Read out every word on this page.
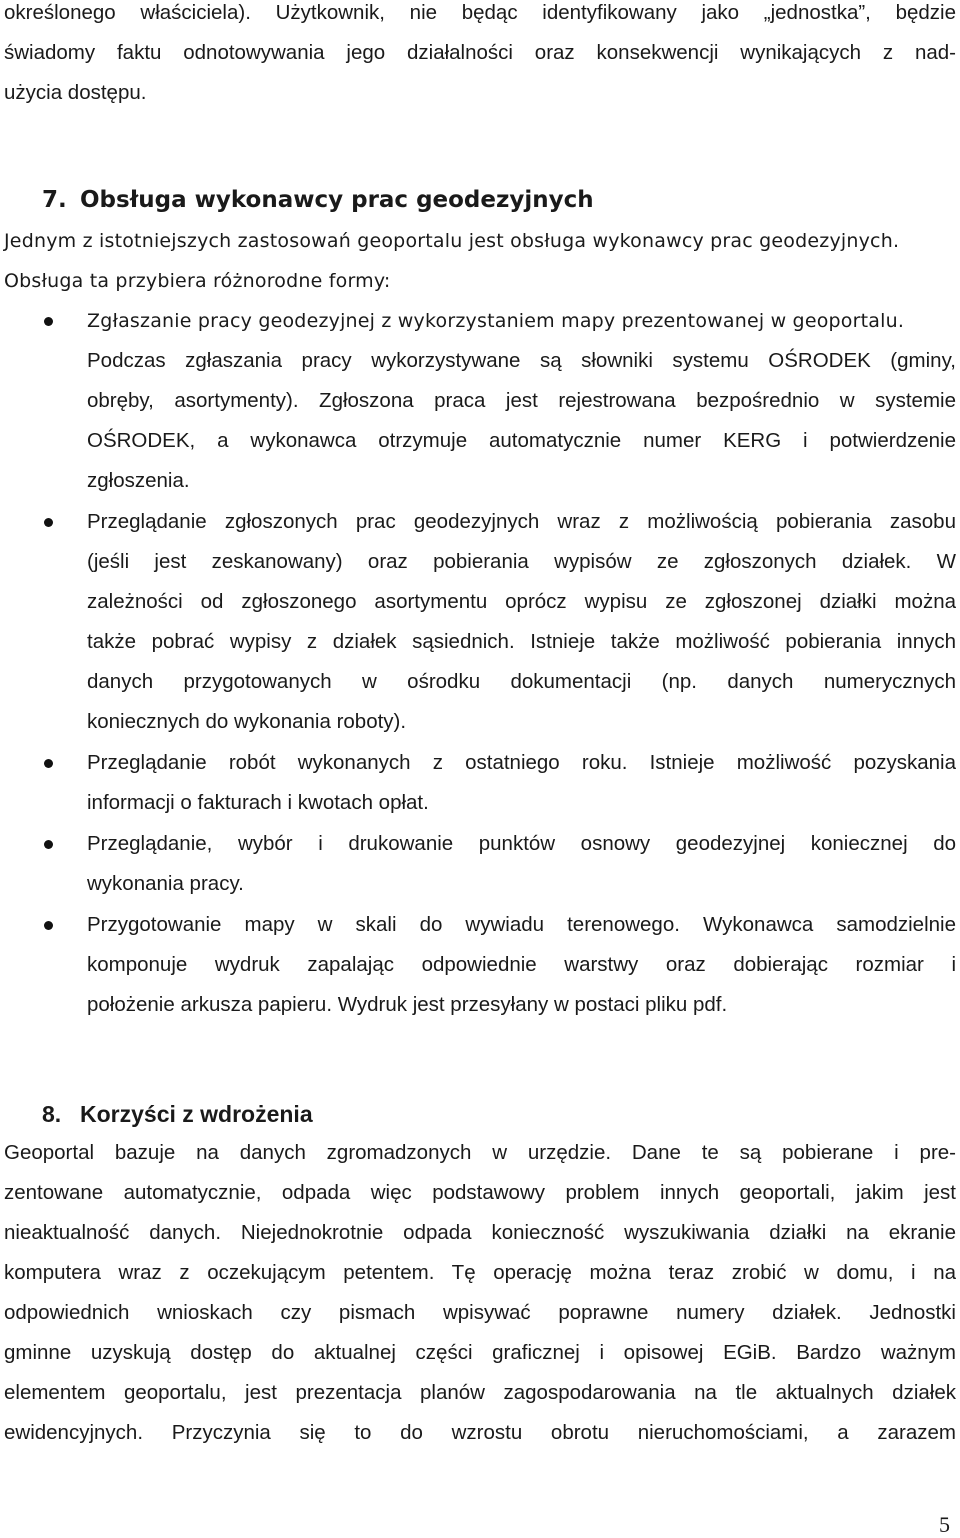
określonego właściciela). Użytkownik, nie będąc identyfikowany jako „jednostka”, będzie
świadomy faktu odnotowywania jego działalności oraz konsekwencji wynikających z nad-
użycia dostępu.
7. Obsługa wykonawcy prac geodezyjnych
Jednym z istotniejszych zastosowań geoportalu jest obsługa wykonawcy prac geodezyjnych.
Obsługa ta przybiera różnorodne formy:
Zgłaszanie pracy geodezyjnej z wykorzystaniem mapy prezentowanej w geoportalu.
Podczas zgłaszania pracy wykorzystywane są słowniki systemu OŚRODEK (gminy,
obręby, asortymenty). Zgłoszona praca jest rejestrowana bezpośrednio w systemie
OŚRODEK, a wykonawca otrzymuje automatycznie numer KERG i potwierdzenie
zgłoszenia.
Przeglądanie zgłoszonych prac geodezyjnych wraz z możliwością pobierania zasobu
(jeśli jest zeskanowany) oraz pobierania wypisów ze zgłoszonych działek. W
zależności od zgłoszonego asortymentu oprócz wypisu ze zgłoszonej działki można
także pobrać wypisy z działek sąsiednich. Istnieje także możliwość pobierania innych
danych przygotowanych w ośrodku dokumentacji (np. danych numerycznych
koniecznych do wykonania roboty).
Przeglądanie robót wykonanych z ostatniego roku. Istnieje możliwość pozyskania
informacji o fakturach i kwotach opłat.
Przeglądanie, wybór i drukowanie punktów osnowy geodezyjnej koniecznej do
wykonania pracy.
Przygotowanie mapy w skali do wywiadu terenowego. Wykonawca samodzielnie
komponuje wydruk zapalając odpowiednie warstwy oraz dobierając rozmiar i
położenie arkusza papieru. Wydruk jest przesyłany w postaci pliku pdf.
8. Korzyści z wdrożenia
Geoportal bazuje na danych zgromadzonych w urzędzie. Dane te są pobierane i pre-
zentowane automatycznie, odpada więc podstawowy problem innych geoportali, jakim jest
nieaktualność danych. Niejednokrotnie odpada konieczność wyszukiwania działki na ekranie
komputera wraz z oczekującym petentem. Tę operację można teraz zrobić w domu, i na
odpowiednich wnioskach czy pismach wpisywać poprawne numery działek. Jednostki
gminne uzyskują dostęp do aktualnej części graficznej i opisowej EGiB. Bardzo ważnym
elementem geoportalu, jest prezentacja planów zagospodarowania na tle aktualnych działek
ewidencyjnych. Przyczynia się to do wzrostu obrotu nieruchomościami, a zarazem
5
